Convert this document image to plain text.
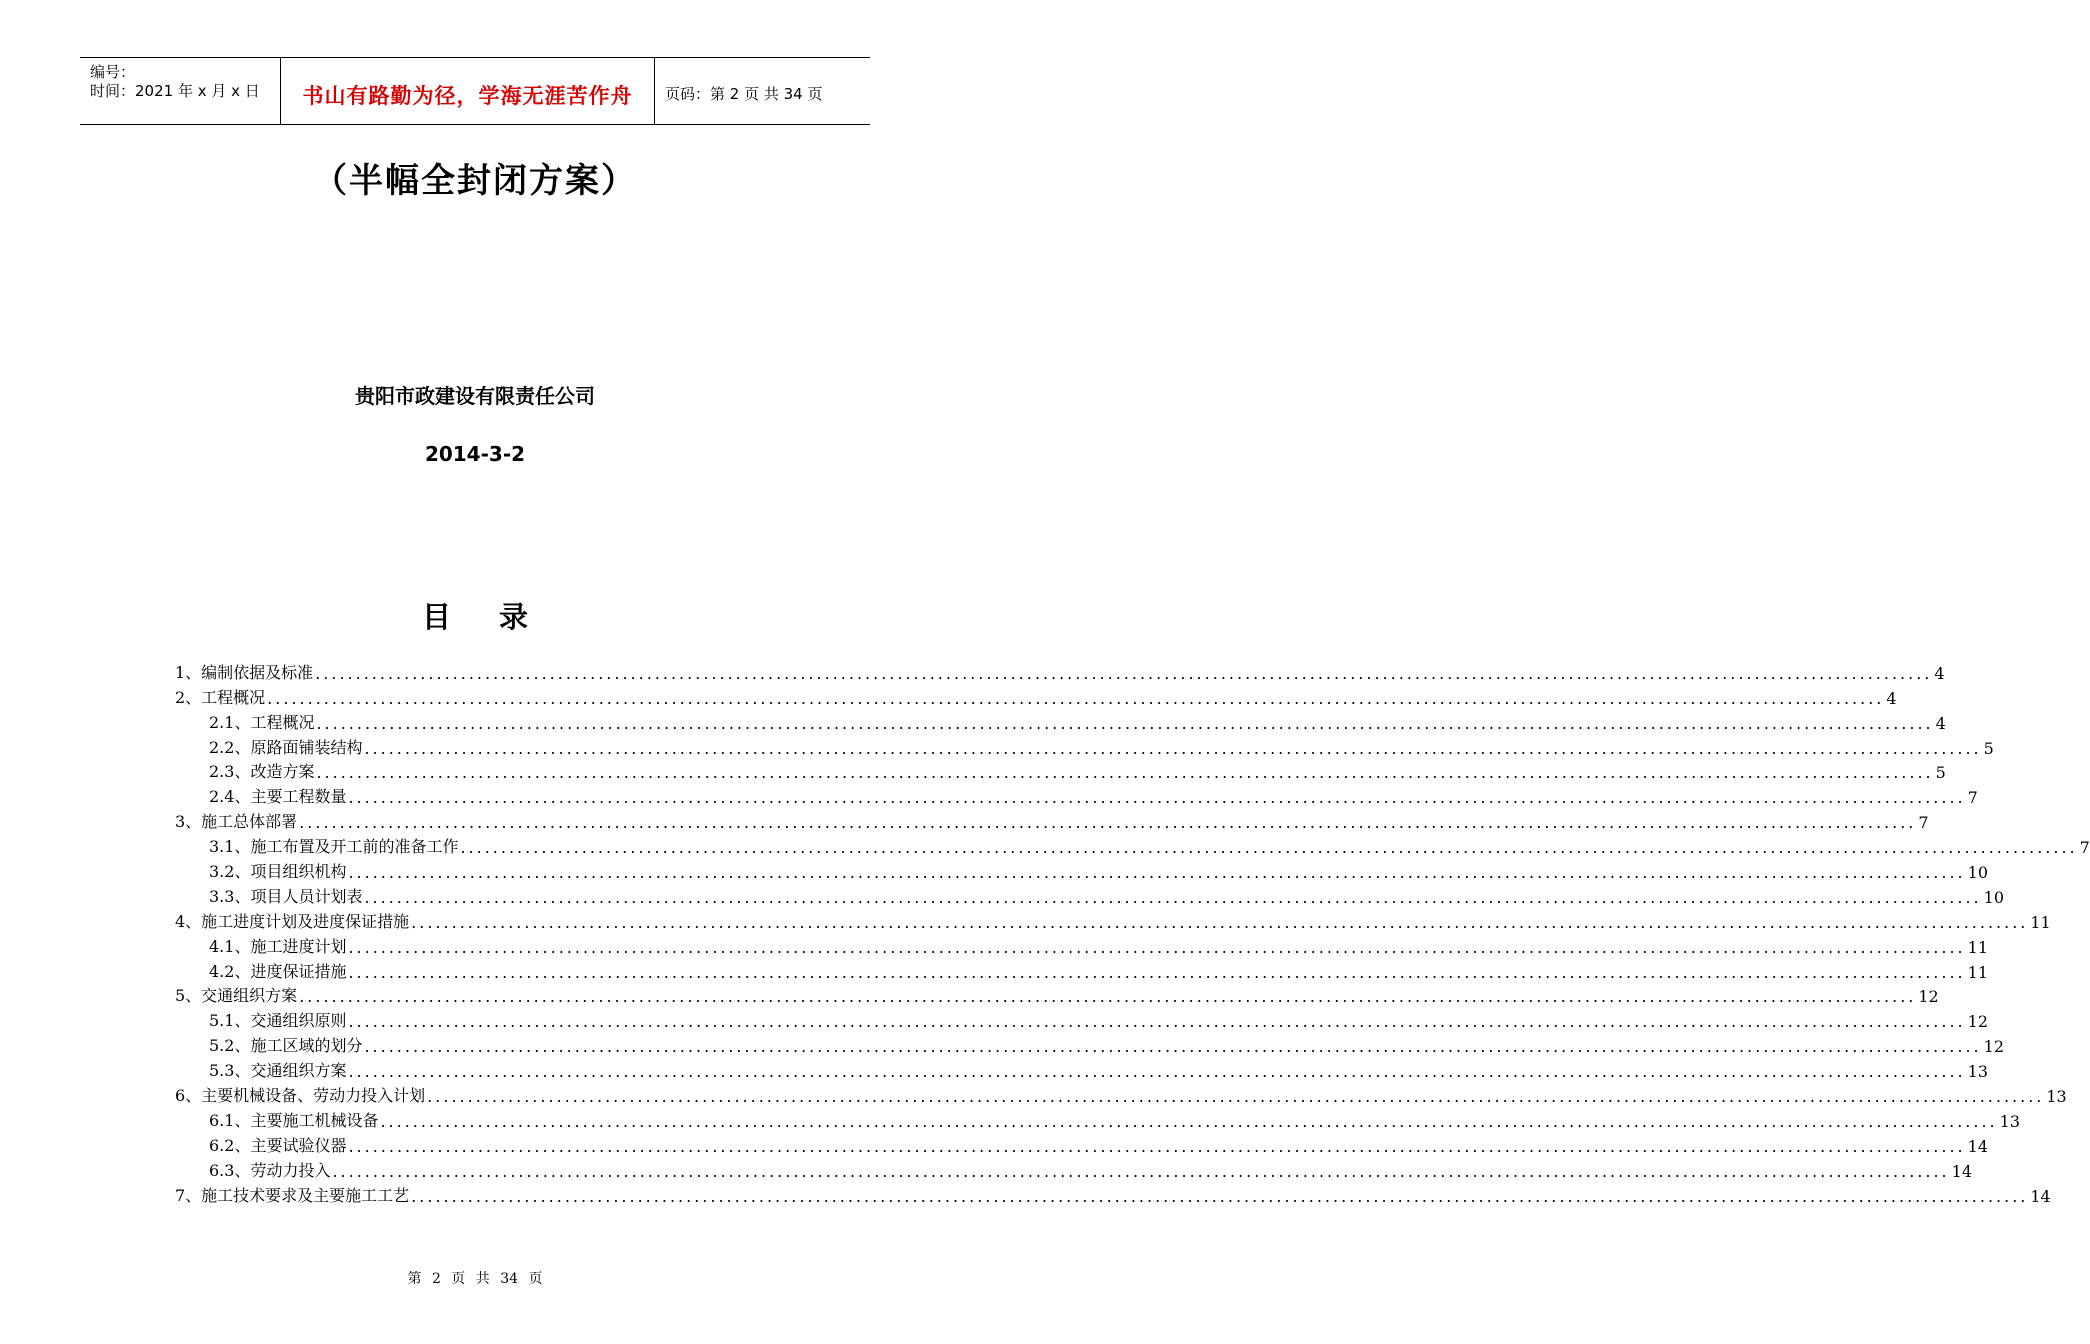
编号：
时间：2021 年 x 月 x 日	书山有路勤为径，学海无涯苦作舟	页码：第 2 页 共 34 页
（半幅全封闭方案）
贵阳市政建设有限责任公司
2014-3-2
目录
1、编制依据及标准 ........................................................................................................................................................................................................ 4
2、工程概况 ........................................................................................................................................................................................................ 4
2.1、工程概况 ........................................................................................................................................................................................................ 4
2.2、原路面铺装结构 ........................................................................................................................................................................................................ 5
2.3、改造方案 ........................................................................................................................................................................................................ 5
2.4、主要工程数量 ........................................................................................................................................................................................................ 7
3、施工总体部署 ........................................................................................................................................................................................................ 7
3.1、施工布置及开工前的准备工作 ........................................................................................................................................................................................................ 7
3.2、项目组织机构 ........................................................................................................................................................................................................ 10
3.3、项目人员计划表 ........................................................................................................................................................................................................ 10
4、施工进度计划及进度保证措施 ........................................................................................................................................................................................................ 11
4.1、施工进度计划 ........................................................................................................................................................................................................ 11
4.2、进度保证措施 ........................................................................................................................................................................................................ 11
5、交通组织方案 ........................................................................................................................................................................................................ 12
5.1、交通组织原则 ........................................................................................................................................................................................................ 12
5.2、施工区域的划分 ........................................................................................................................................................................................................ 12
5.3、交通组织方案 ........................................................................................................................................................................................................ 13
6、主要机械设备、劳动力投入计划 ........................................................................................................................................................................................................ 13
6.1、主要施工机械设备 ........................................................................................................................................................................................................ 13
6.2、主要试验仪器 ........................................................................................................................................................................................................ 14
6.3、劳动力投入 ........................................................................................................................................................................................................ 14
7、施工技术要求及主要施工工艺 ........................................................................................................................................................................................................ 14
第 2 页 共 34 页
